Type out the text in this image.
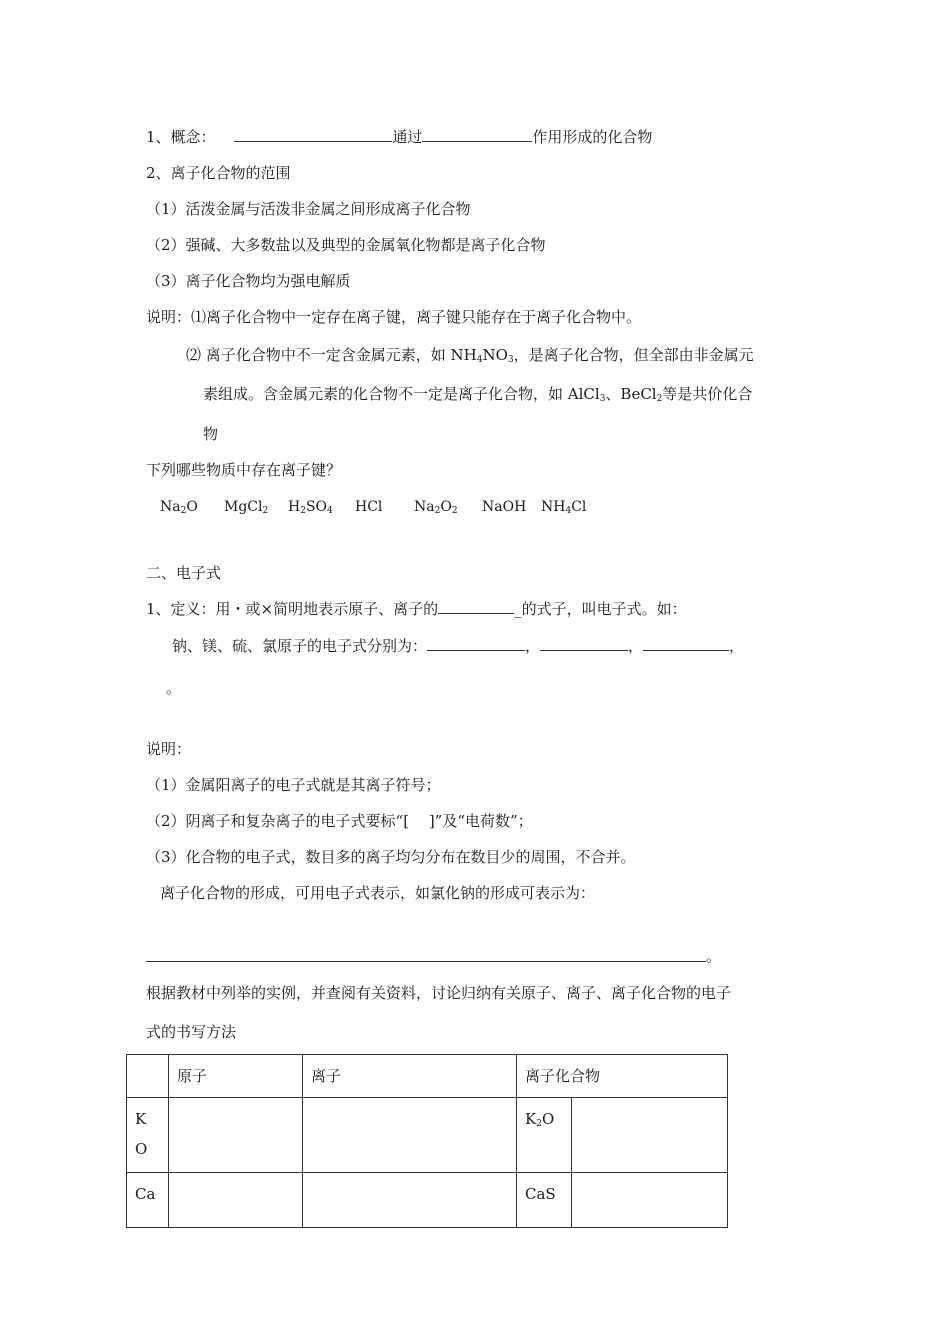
1、概念：	通过	作用形成的化合物
2、离子化合物的范围
（1）活泼金属与活泼非金属之间形成离子化合物
（2）强碱、大多数盐以及典型的金属氧化物都是离子化合物
（3）离子化合物均为强电解质
说明：⑴离子化合物中一定存在离子键，离子键只能存在于离子化合物中。
⑵ 离子化合物中不一定含金属元素，如 $NH_4NO_3$，是离子化合物，但全部由非金属元
素组成。含金属元素的化合物不一定是离子化合物，如 AlCl$_3$、BeCl$_2$等是共价化合
物
下列哪些物质中存在离子键？
$Na_2O$ MgCl$_2$ $H_2SO_4$ HCl $Na_2O_2$ NaOH $NH_4Cl$
二、电子式
1、定义：用・或×简明地表示原子、离子的	_的式子，叫电子式。如：
钠、镁、硫、氯原子的电子式分别为：	，	，	，
。
说明：
（1）金属阳离子的电子式就是其离子符号；
（2）阴离子和复杂离子的电子式要标“[　 ]”及“电荷数”；
（3）化合物的电子式，数目多的离子均匀分布在数目少的周围，不合并。
离子化合物的形成，可用电子式表示，如氯化钠的形成可表示为：
。
根据教材中列举的实例，并查阅有关资料，讨论归纳有关原子、离子、离子化合物的电子
式的书写方法
	原子	离子	离子化合物	

K
O			$K_2O$	
Ca			CaS	
